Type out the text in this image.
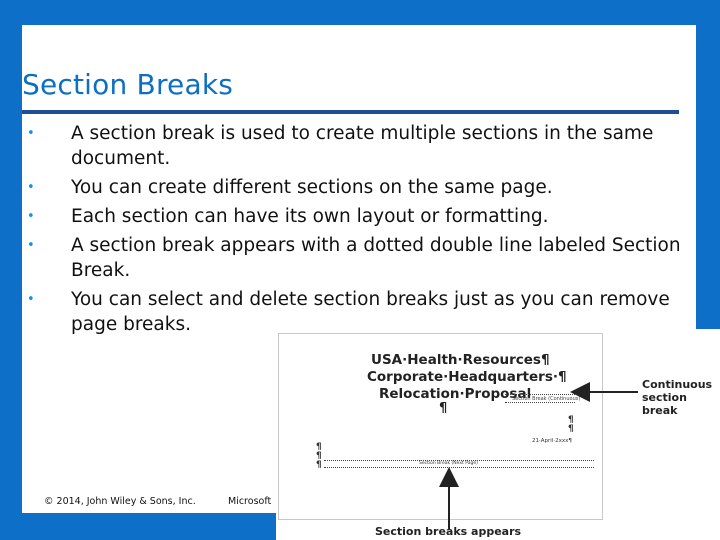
Section Breaks
• A section break is used to create multiple sections in the same document.
• You can create different sections on the same page.
• Each section can have its own layout or formatting.
• A section break appears with a dotted double line labeled Section Break.
• You can select and delete section breaks just as you can remove page breaks.
© 2014, John Wiley & Sons, Inc.	Microsoft
USA·Health·Resources¶
Corporate·Headquarters·¶
Relocation·Proposal
¶
Section Break (Continuous)
¶
¶
21·April·2xxx¶
¶
¶
¶	Section Break (Next Page)
Continuous section break
Section breaks appears
